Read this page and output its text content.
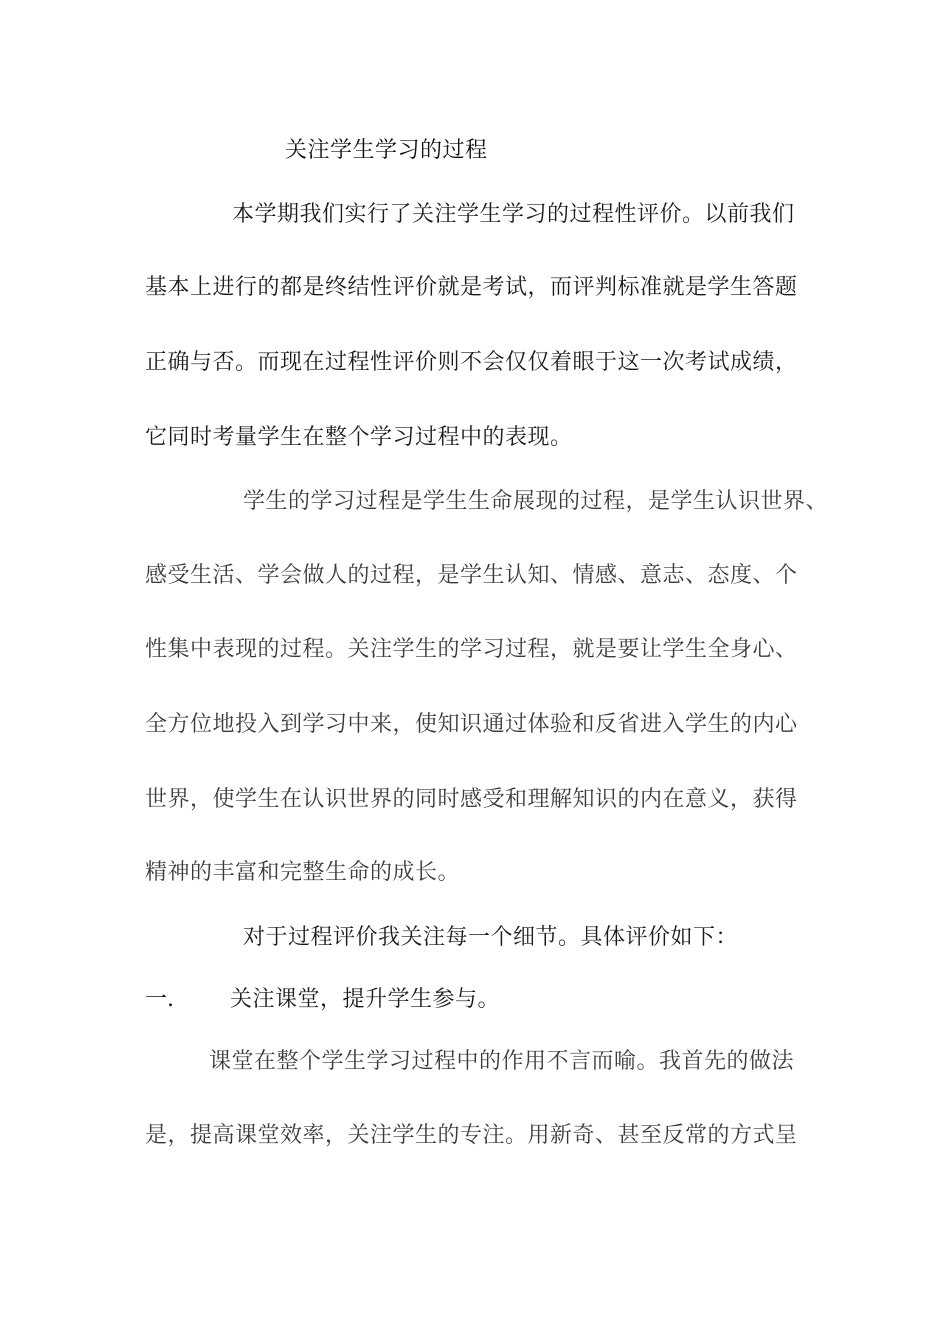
关注学生学习的过程
本学期我们实行了关注学生学习的过程性评价。以前我们
基本上进行的都是终结性评价就是考试，而评判标准就是学生答题
正确与否。而现在过程性评价则不会仅仅着眼于这一次考试成绩，
它同时考量学生在整个学习过程中的表现。
学生的学习过程是学生生命展现的过程，是学生认识世界、
感受生活、学会做人的过程，是学生认知、情感、意志、态度、个
性集中表现的过程。关注学生的学习过程，就是要让学生全身心、
全方位地投入到学习中来，使知识通过体验和反省进入学生的内心
世界，使学生在认识世界的同时感受和理解知识的内在意义，获得
精神的丰富和完整生命的成长。
对于过程评价我关注每一个细节。具体评价如下：
一.	关注课堂，提升学生参与。
课堂在整个学生学习过程中的作用不言而喻。我首先的做法
是，提高课堂效率，关注学生的专注。用新奇、甚至反常的方式呈
